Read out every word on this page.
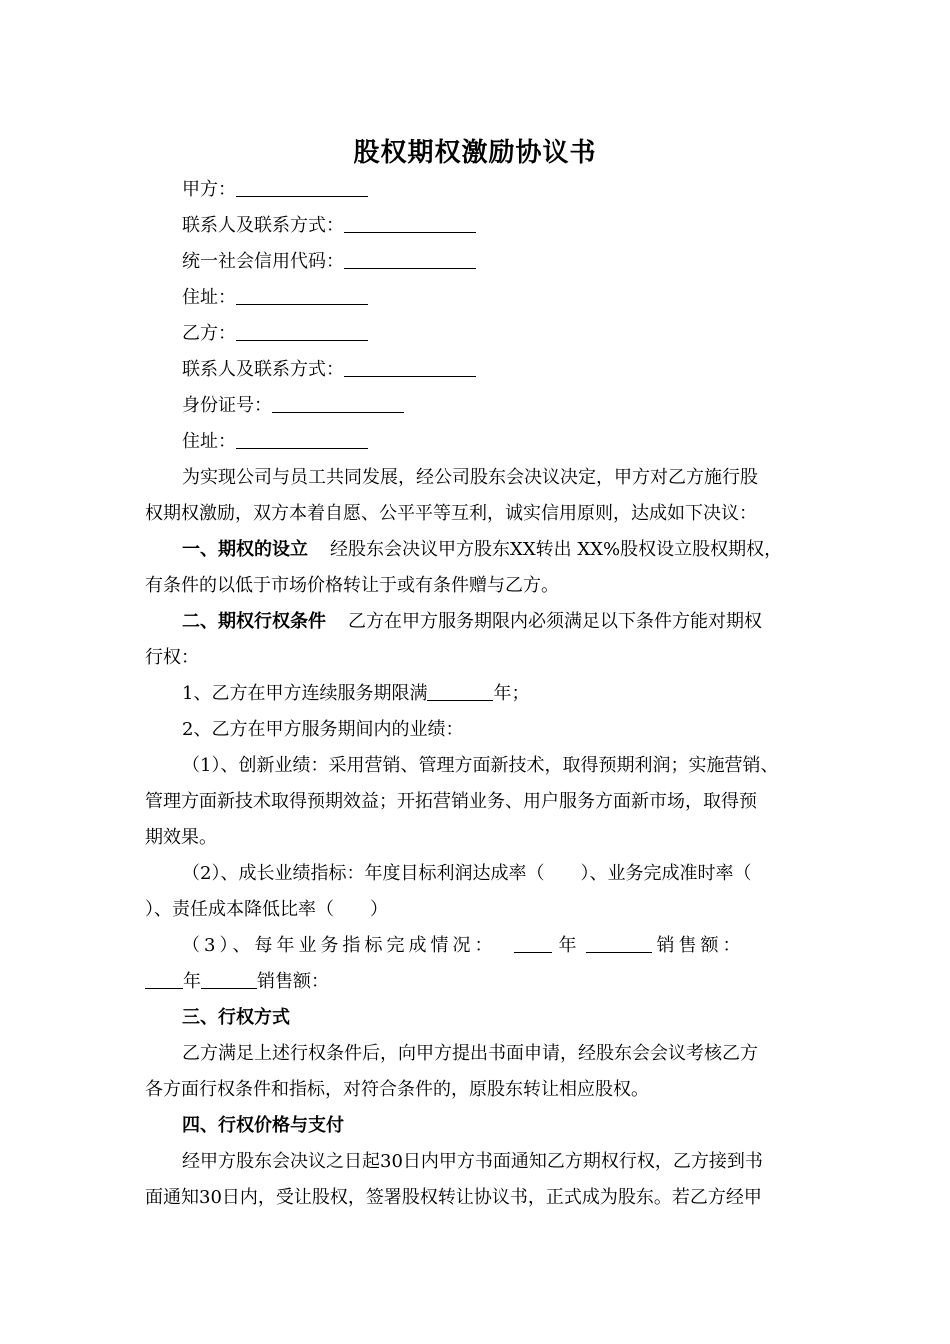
股权期权激励协议书
甲方：
联系人及联系方式：
统一社会信用代码：
住址：
乙方：
联系人及联系方式：
身份证号：
住址：
为实现公司与员工共同发展，经公司股东会决议决定，甲方对乙方施行股
权期权激励，双方本着自愿、公平平等互利，诚实信用原则，达成如下决议：
一、期权的设立 经股东会决议甲方股东XX转出 XX%股权设立股权期权，
有条件的以低于市场价格转让于或有条件赠与乙方。
二、期权行权条件 乙方在甲方服务期限内必须满足以下条件方能对期权
行权：
1、乙方在甲方连续服务期限满	年；
2、乙方在甲方服务期间内的业绩：
（1）、创新业绩：采用营销、管理方面新技术，取得预期利润；实施营销、
管理方面新技术取得预期效益；开拓营销业务、用户服务方面新市场，取得预
期效果。
（2）、成长业绩指标：年度目标利润达成率（　　）、业务完成准时率（
）、责任成本降低比率（　　）
（3）、每年业务指标完成情况：	年	销售额：
年	销售额：
三、行权方式
乙方满足上述行权条件后，向甲方提出书面申请，经股东会会议考核乙方
各方面行权条件和指标，对符合条件的，原股东转让相应股权。
四、行权价格与支付
经甲方股东会决议之日起30日内甲方书面通知乙方期权行权，乙方接到书
面通知30日内，受让股权，签署股权转让协议书，正式成为股东。若乙方经甲
